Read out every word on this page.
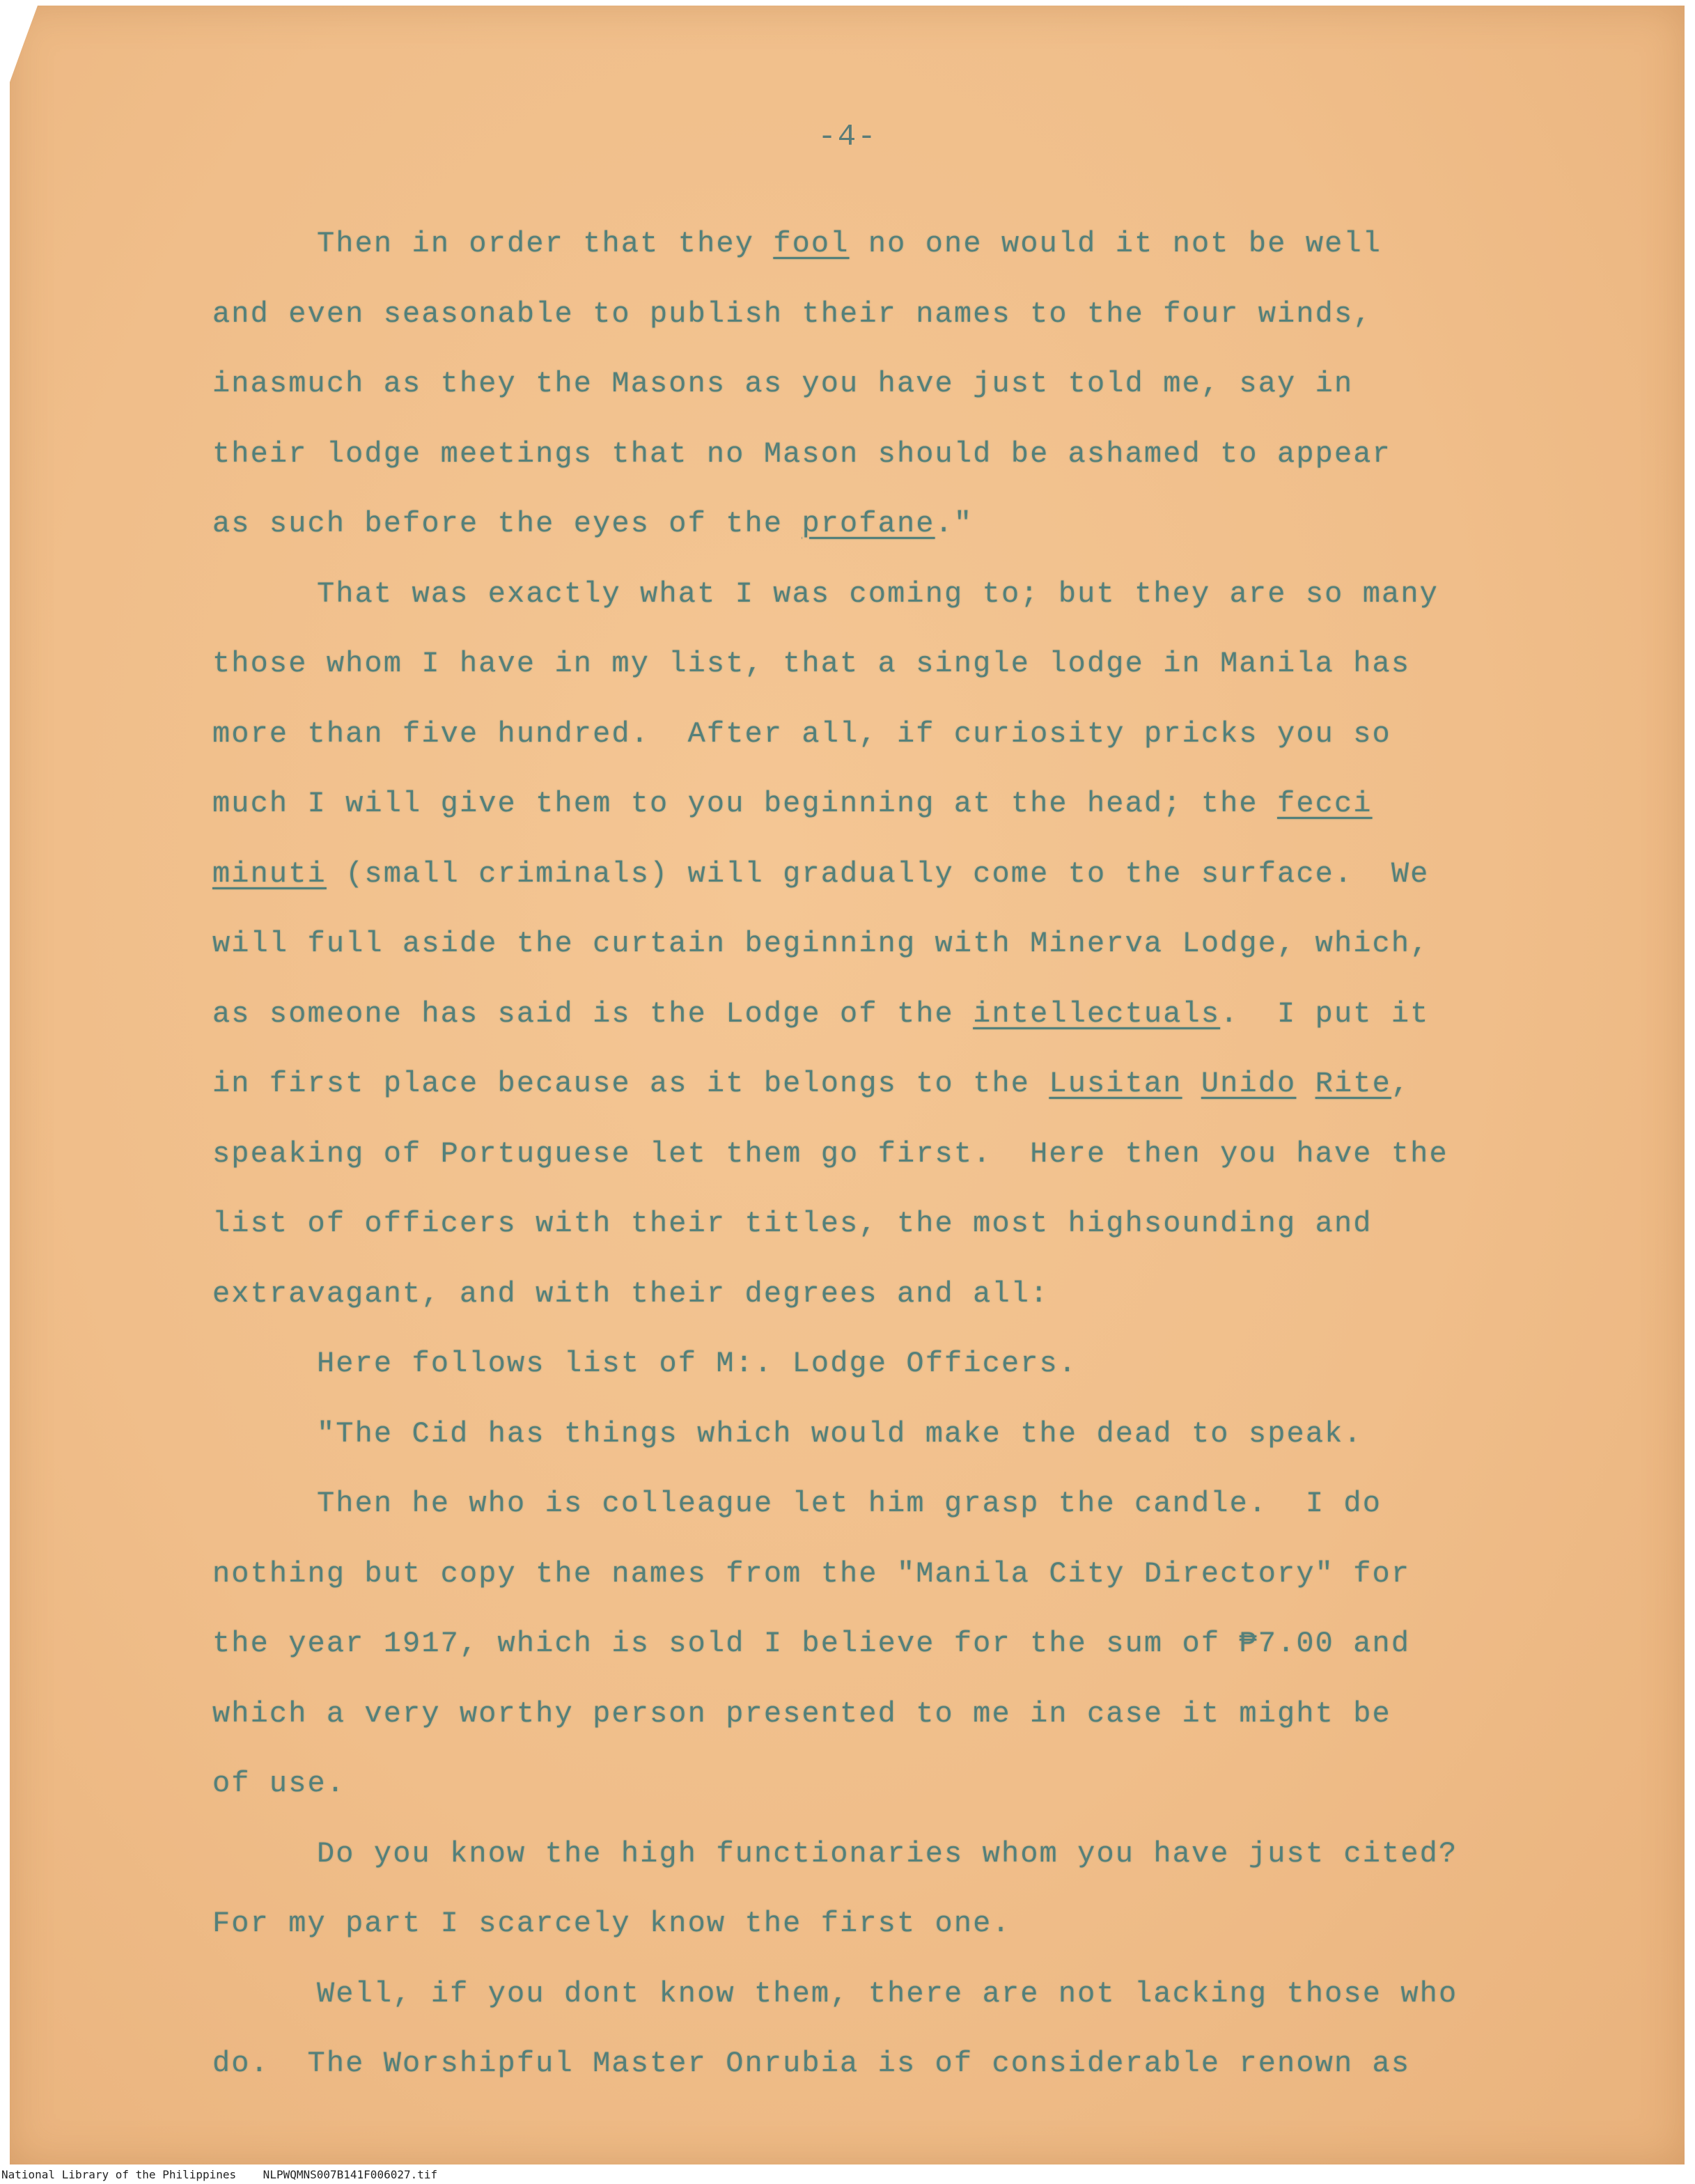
-4-
Then in order that they fool no one would it not be well
and even seasonable to publish their names to the four winds,
inasmuch as they the Masons as you have just told me, say in
their lodge meetings that no Mason should be ashamed to appear
as such before the eyes of the profane."
That was exactly what I was coming to; but they are so many
those whom I have in my list, that a single lodge in Manila has
more than five hundred.  After all, if curiosity pricks you so
much I will give them to you beginning at the head; the fecci
minuti (small criminals) will gradually come to the surface.  We
will full aside the curtain beginning with Minerva Lodge, which,
as someone has said is the Lodge of the intellectuals.  I put it
in first place because as it belongs to the Lusitan Unido Rite,
speaking of Portuguese let them go first.  Here then you have the
list of officers with their titles, the most highsounding and
extravagant, and with their degrees and all:
Here follows list of M:. Lodge Officers.
"The Cid has things which would make the dead to speak.
Then he who is colleague let him grasp the candle.  I do
nothing but copy the names from the "Manila City Directory" for
the year 1917, which is sold I believe for the sum of ₱7.00 and
which a very worthy person presented to me in case it might be
of use.
Do you know the high functionaries whom you have just cited?
For my part I scarcely know the first one.
Well, if you dont know them, there are not lacking those who
do.  The Worshipful Master Onrubia is of considerable renown as
National Library of the Philippines    NLPWQMNS007B141F006027.tif
